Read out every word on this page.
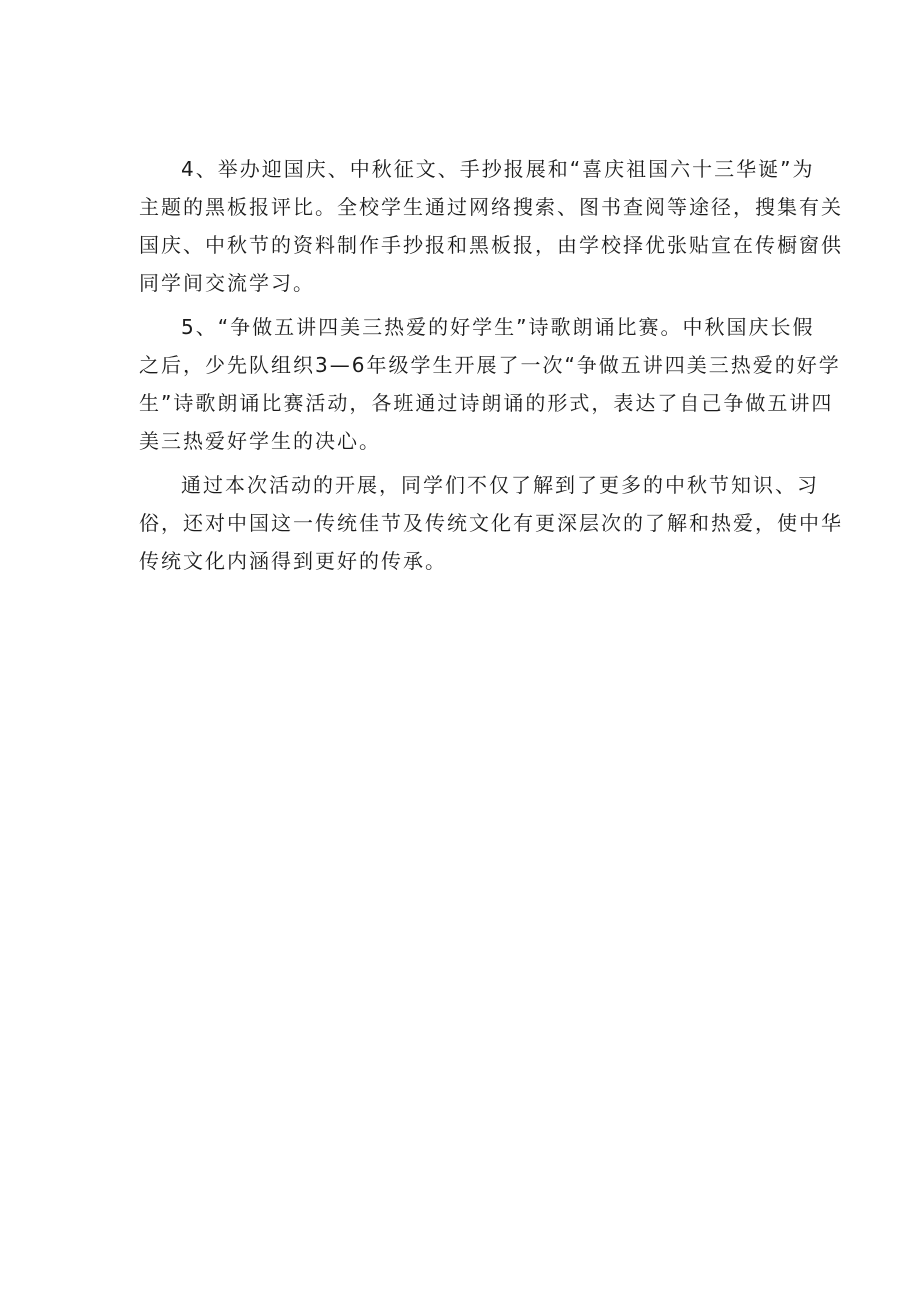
4、举办迎国庆、中秋征文、手抄报展和“喜庆祖国六十三华诞”为
主题的黑板报评比。全校学生通过网络搜索、图书查阅等途径，搜集有关
国庆、中秋节的资料制作手抄报和黑板报，由学校择优张贴宣在传橱窗供
同学间交流学习。
5、“争做五讲四美三热爱的好学生”诗歌朗诵比赛。中秋国庆长假
之后，少先队组织3—6年级学生开展了一次“争做五讲四美三热爱的好学
生”诗歌朗诵比赛活动，各班通过诗朗诵的形式，表达了自己争做五讲四
美三热爱好学生的决心。
通过本次活动的开展，同学们不仅了解到了更多的中秋节知识、习
俗，还对中国这一传统佳节及传统文化有更深层次的了解和热爱，使中华
传统文化内涵得到更好的传承。
